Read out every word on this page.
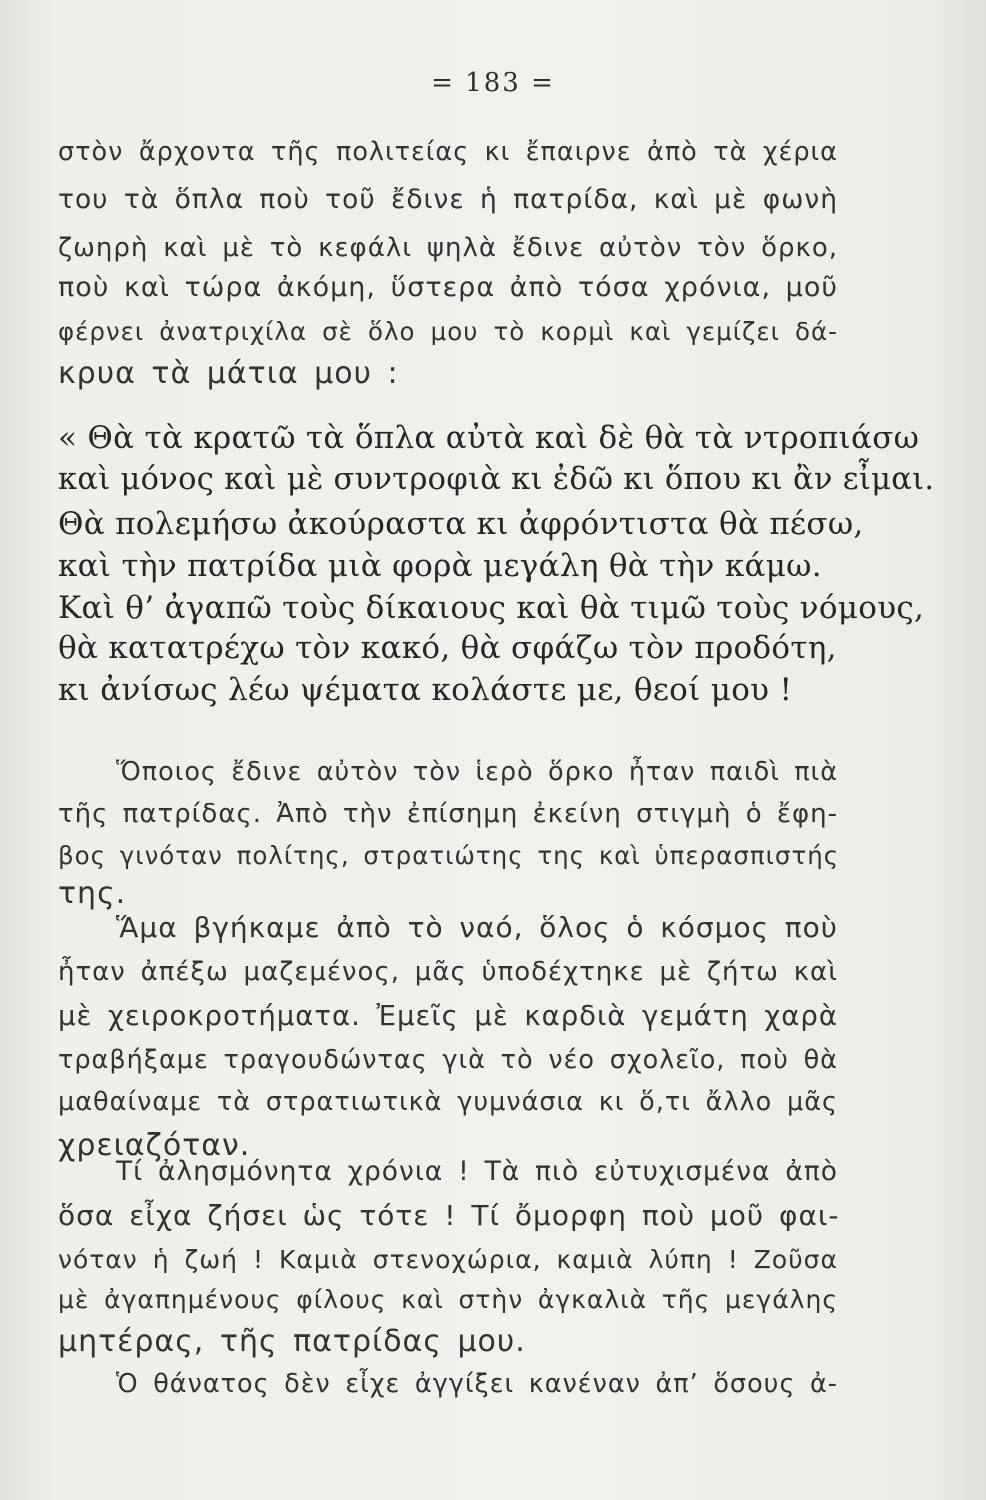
= 183 =
στὸν ἄρχοντα τῆς πολιτείας κι ἔπαιρνε ἀπὸ τὰ χέρια
του τὰ ὅπλα ποὺ τοῦ ἔδινε ἡ πατρίδα, καὶ μὲ φωνὴ
ζωηρὴ καὶ μὲ τὸ κεφάλι ψηλὰ ἔδινε αὐτὸν τὸν ὅρκο,
ποὺ καὶ τώρα ἀκόμη, ὕστερα ἀπὸ τόσα χρόνια, μοῦ
φέρνει ἀνατριχίλα σὲ ὅλο μου τὸ κορμὶ καὶ γεμίζει δά-
κρυα τὰ μάτια μου :
« Θὰ τὰ κρατῶ τὰ ὅπλα αὐτὰ καὶ δὲ θὰ τὰ ντροπιάσω
καὶ μόνος καὶ μὲ συντροφιὰ κι ἐδῶ κι ὅπου κι ἂν εἶμαι.
Θὰ πολεμήσω ἀκούραστα κι ἀφρόντιστα θὰ πέσω,
καὶ τὴν πατρίδα μιὰ φορὰ μεγάλη θὰ τὴν κάμω.
Καὶ θ’ ἀγαπῶ τοὺς δίκαιους καὶ θὰ τιμῶ τοὺς νόμους,
θὰ κατατρέχω τὸν κακό, θὰ σφάζω τὸν προδότη,
κι ἀνίσως λέω ψέματα κολάστε με, θεοί μου !
Ὅποιος ἔδινε αὐτὸν τὸν ἱερὸ ὅρκο ἦταν παιδὶ πιὰ
τῆς πατρίδας. Ἀπὸ τὴν ἐπίσημη ἐκείνη στιγμὴ ὁ ἔφη-
βος γινόταν πολίτης, στρατιώτης της καὶ ὑπερασπιστής
της.
Ἅμα βγήκαμε ἀπὸ τὸ ναό, ὅλος ὁ κόσμος ποὺ
ἦταν ἀπέξω μαζεμένος, μᾶς ὑποδέχτηκε μὲ ζήτω καὶ
μὲ χειροκροτήματα. Ἐμεῖς μὲ καρδιὰ γεμάτη χαρὰ
τραβήξαμε τραγουδώντας γιὰ τὸ νέο σχολεῖο, ποὺ θὰ
μαθαίναμε τὰ στρατιωτικὰ γυμνάσια κι ὅ,τι ἄλλο μᾶς
χρειαζόταν.
Τί ἀλησμόνητα χρόνια ! Τὰ πιὸ εὐτυχισμένα ἀπὸ
ὅσα εἶχα ζήσει ὡς τότε ! Τί ὄμορφη ποὺ μοῦ φαι-
νόταν ἡ ζωή ! Καμιὰ στενοχώρια, καμιὰ λύπη ! Ζοῦσα
μὲ ἀγαπημένους φίλους καὶ στὴν ἀγκαλιὰ τῆς μεγάλης
μητέρας, τῆς πατρίδας μου.
Ὁ θάνατος δὲν εἶχε ἀγγίξει κανέναν ἀπ’ ὅσους ἀ-
